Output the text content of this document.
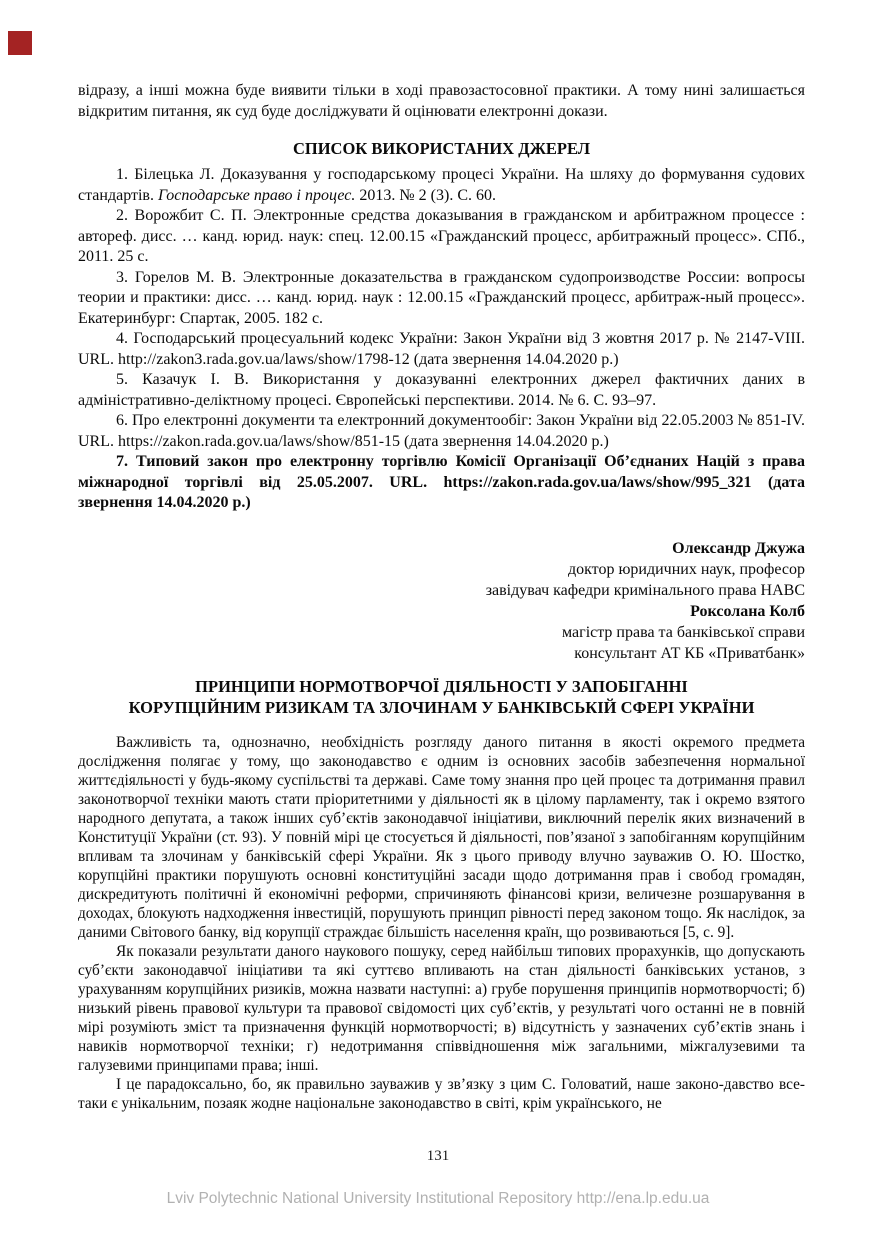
відразу, а інші можна буде виявити тільки в ході правозастосовної практики. А тому нині залишається відкритим питання, як суд буде досліджувати й оцінювати електронні докази.

СПИСОК ВИКОРИСТАНИХ ДЖЕРЕЛ

1. Білецька Л. Доказування у господарському процесі України. На шляху до формування судових стандартів. Господарське право і процес. 2013. № 2 (3). С. 60.

2. Ворожбит С. П. Электронные средства доказывания в гражданском и арбитражном процессе : автореф. дисс. … канд. юрид. наук: спец. 12.00.15 «Гражданский процесс, арбитражный процесс». СПб., 2011. 25 с.

3. Горелов М. В. Электронные доказательства в гражданском судопроизводстве России: вопросы теории и практики: дисс. … канд. юрид. наук : 12.00.15 «Гражданский процесс, арбитраж-ный процесс». Екатеринбург: Спартак, 2005. 182 с.

4. Господарський процесуальний кодекс України: Закон України від 3 жовтня 2017 р. № 2147-VIII. URL. http://zakon3.rada.gov.ua/laws/show/1798-12 (дата звернення 14.04.2020 р.)

5. Казачук І. В. Використання у доказуванні електронних джерел фактичних даних в адміністративно-деліктному процесі. Європейські перспективи. 2014. № 6. С. 93–97.

6. Про електронні документи та електронний документообіг: Закон України від 22.05.2003 № 851-IV. URL. https://zakon.rada.gov.ua/laws/show/851-15 (дата звернення 14.04.2020 р.)

7. Типовий закон про електронну торгівлю Комісії Організації Об’єднаних Націй з права міжнародної торгівлі від 25.05.2007. URL. https://zakon.rada.gov.ua/laws/show/995_321 (дата звернення 14.04.2020 р.)

Олександр Джужа

доктор юридичних наук, професор

завідувач кафедри кримінального права НАВС

Роксолана Колб

магістр права та банківської справи

консультант АТ КБ «Приватбанк»

ПРИНЦИПИ НОРМОТВОРЧОЇ ДІЯЛЬНОСТІ У ЗАПОБІГАННІ
КОРУПЦІЙНИМ РИЗИКАМ ТА ЗЛОЧИНАМ У БАНКІВСЬКІЙ СФЕРІ УКРАЇНИ

Важливість та, однозначно, необхідність розгляду даного питання в якості окремого предмета дослідження полягає у тому, що законодавство є одним із основних засобів забезпечення нормальної життєдіяльності у будь-якому суспільстві та державі. Саме тому знання про цей процес та дотримання правил законотворчої техніки мають стати пріоритетними у діяльності як в цілому парламенту, так і окремо взятого народного депутата, а також інших суб’єктів законодавчої ініціативи, виключний перелік яких визначений в Конституції України (ст. 93). У повній мірі це стосується й діяльності, пов’язаної з запобіганням корупційним впливам та злочинам у банківській сфері України. Як з цього приводу влучно зауважив О. Ю. Шостко, корупційні практики порушують основні конституційні засади щодо дотримання прав і свобод громадян, дискредитують політичні й економічні реформи, спричиняють фінансові кризи, величезне розшарування в доходах, блокують надходження інвестицій, порушують принцип рівності перед законом тощо. Як наслідок, за даними Світового банку, від корупції страждає більшість населення країн, що розвиваються [5, с. 9].

Як показали результати даного наукового пошуку, серед найбільш типових прорахунків, що допускають суб’єкти законодавчої ініціативи та які суттєво впливають на стан діяльності банківських установ, з урахуванням корупційних ризиків, можна назвати наступні: а) грубе порушення принципів нормотворчості; б) низький рівень правової культури та правової свідомості цих суб’єктів, у результаті чого останні не в повній мірі розуміють зміст та призначення функцій нормотворчості; в) відсутність у зазначених суб’єктів знань і навиків нормотворчої техніки; г) недотримання співвідношення між загальними, міжгалузевими та галузевими принципами права; інші.

І це парадоксально, бо, як правильно зауважив у зв’язку з цим С. Головатий, наше законо-давство все-таки є унікальним, позаяк жодне національне законодавство в світі, крім українського, не

131
Lviv Polytechnic National University Institutional Repository http://ena.lp.edu.ua
